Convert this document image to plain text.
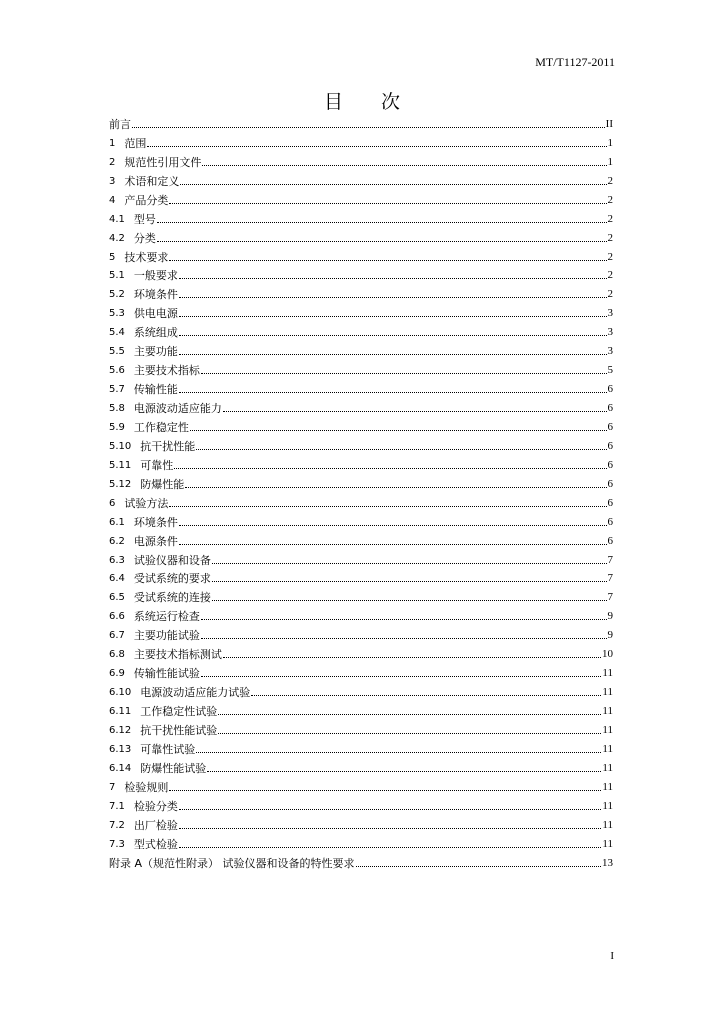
MT/T1127-2011
目　　次
前言	II
1 范围	1
2 规范性引用文件	1
3 术语和定义	2
4 产品分类	2
4.1 型号	2
4.2 分类	2
5 技术要求	2
5.1 一般要求	2
5.2 环境条件	2
5.3 供电电源	3
5.4 系统组成	3
5.5 主要功能	3
5.6 主要技术指标	5
5.7 传输性能	6
5.8 电源波动适应能力	6
5.9 工作稳定性	6
5.10 抗干扰性能	6
5.11 可靠性	6
5.12 防爆性能	6
6 试验方法	6
6.1 环境条件	6
6.2 电源条件	6
6.3 试验仪器和设备	7
6.4 受试系统的要求	7
6.5 受试系统的连接	7
6.6 系统运行检查	9
6.7 主要功能试验	9
6.8 主要技术指标测试	10
6.9 传输性能试验	11
6.10 电源波动适应能力试验	11
6.11 工作稳定性试验	11
6.12 抗干扰性能试验	11
6.13 可靠性试验	11
6.14 防爆性能试验	11
7 检验规则	11
7.1 检验分类	11
7.2 出厂检验	11
7.3 型式检验	11
附录 A（规范性附录） 试验仪器和设备的特性要求	13
I
